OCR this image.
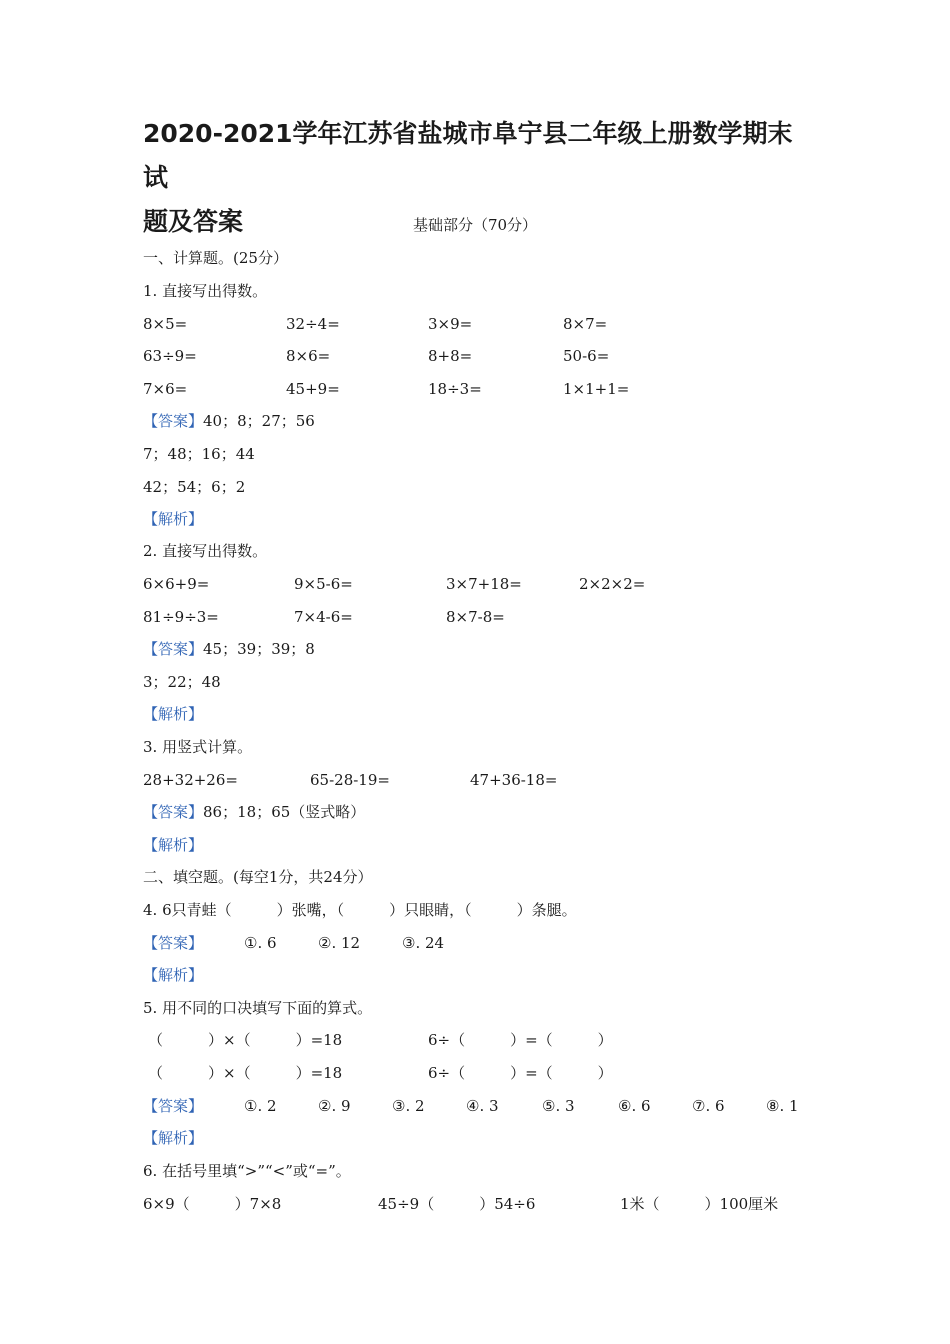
2020-2021学年江苏省盐城市阜宁县二年级上册数学期末试
题及答案	基础部分（70分）
一、计算题。(25分）
1. 直接写出得数。
8×5=	32÷4=	3×9=	8×7=
63÷9=	8×6=	8+8=	50-6=
7×6=	45+9=	18÷3=	1×1+1=
【答案】40；8；27；56
7；48；16；44
42；54；6；2
【解析】
2. 直接写出得数。
6×6+9=	9×5-6=	3×7+18=	2×2×2=
81÷9÷3=	7×4-6=	8×7-8=
【答案】45；39；39；8
3；22；48
【解析】
3. 用竖式计算。
28+32+26=	65-28-19=	47+36-18=
【答案】86；18；65（竖式略）
【解析】
二、填空题。(每空1分，共24分）
4. 6只青蛙（　　　）张嘴，（　　　）只眼睛，（　　　）条腿。
【答案】	①. 6	②. 12	③. 24
【解析】
5. 用不同的口决填写下面的算式。
（　　　）×（　　　）=18	6÷（　　　）=（　　　）
（　　　）×（　　　）=18	6÷（　　　）=（　　　）
【答案】	①. 2	②. 9	③. 2	④. 3	⑤. 3	⑥. 6	⑦. 6	⑧. 1
【解析】
6. 在括号里填“>”“<”或“=”。
6×9（　　　）7×8	45÷9（　　　）54÷6	1米（　　　）100厘米
